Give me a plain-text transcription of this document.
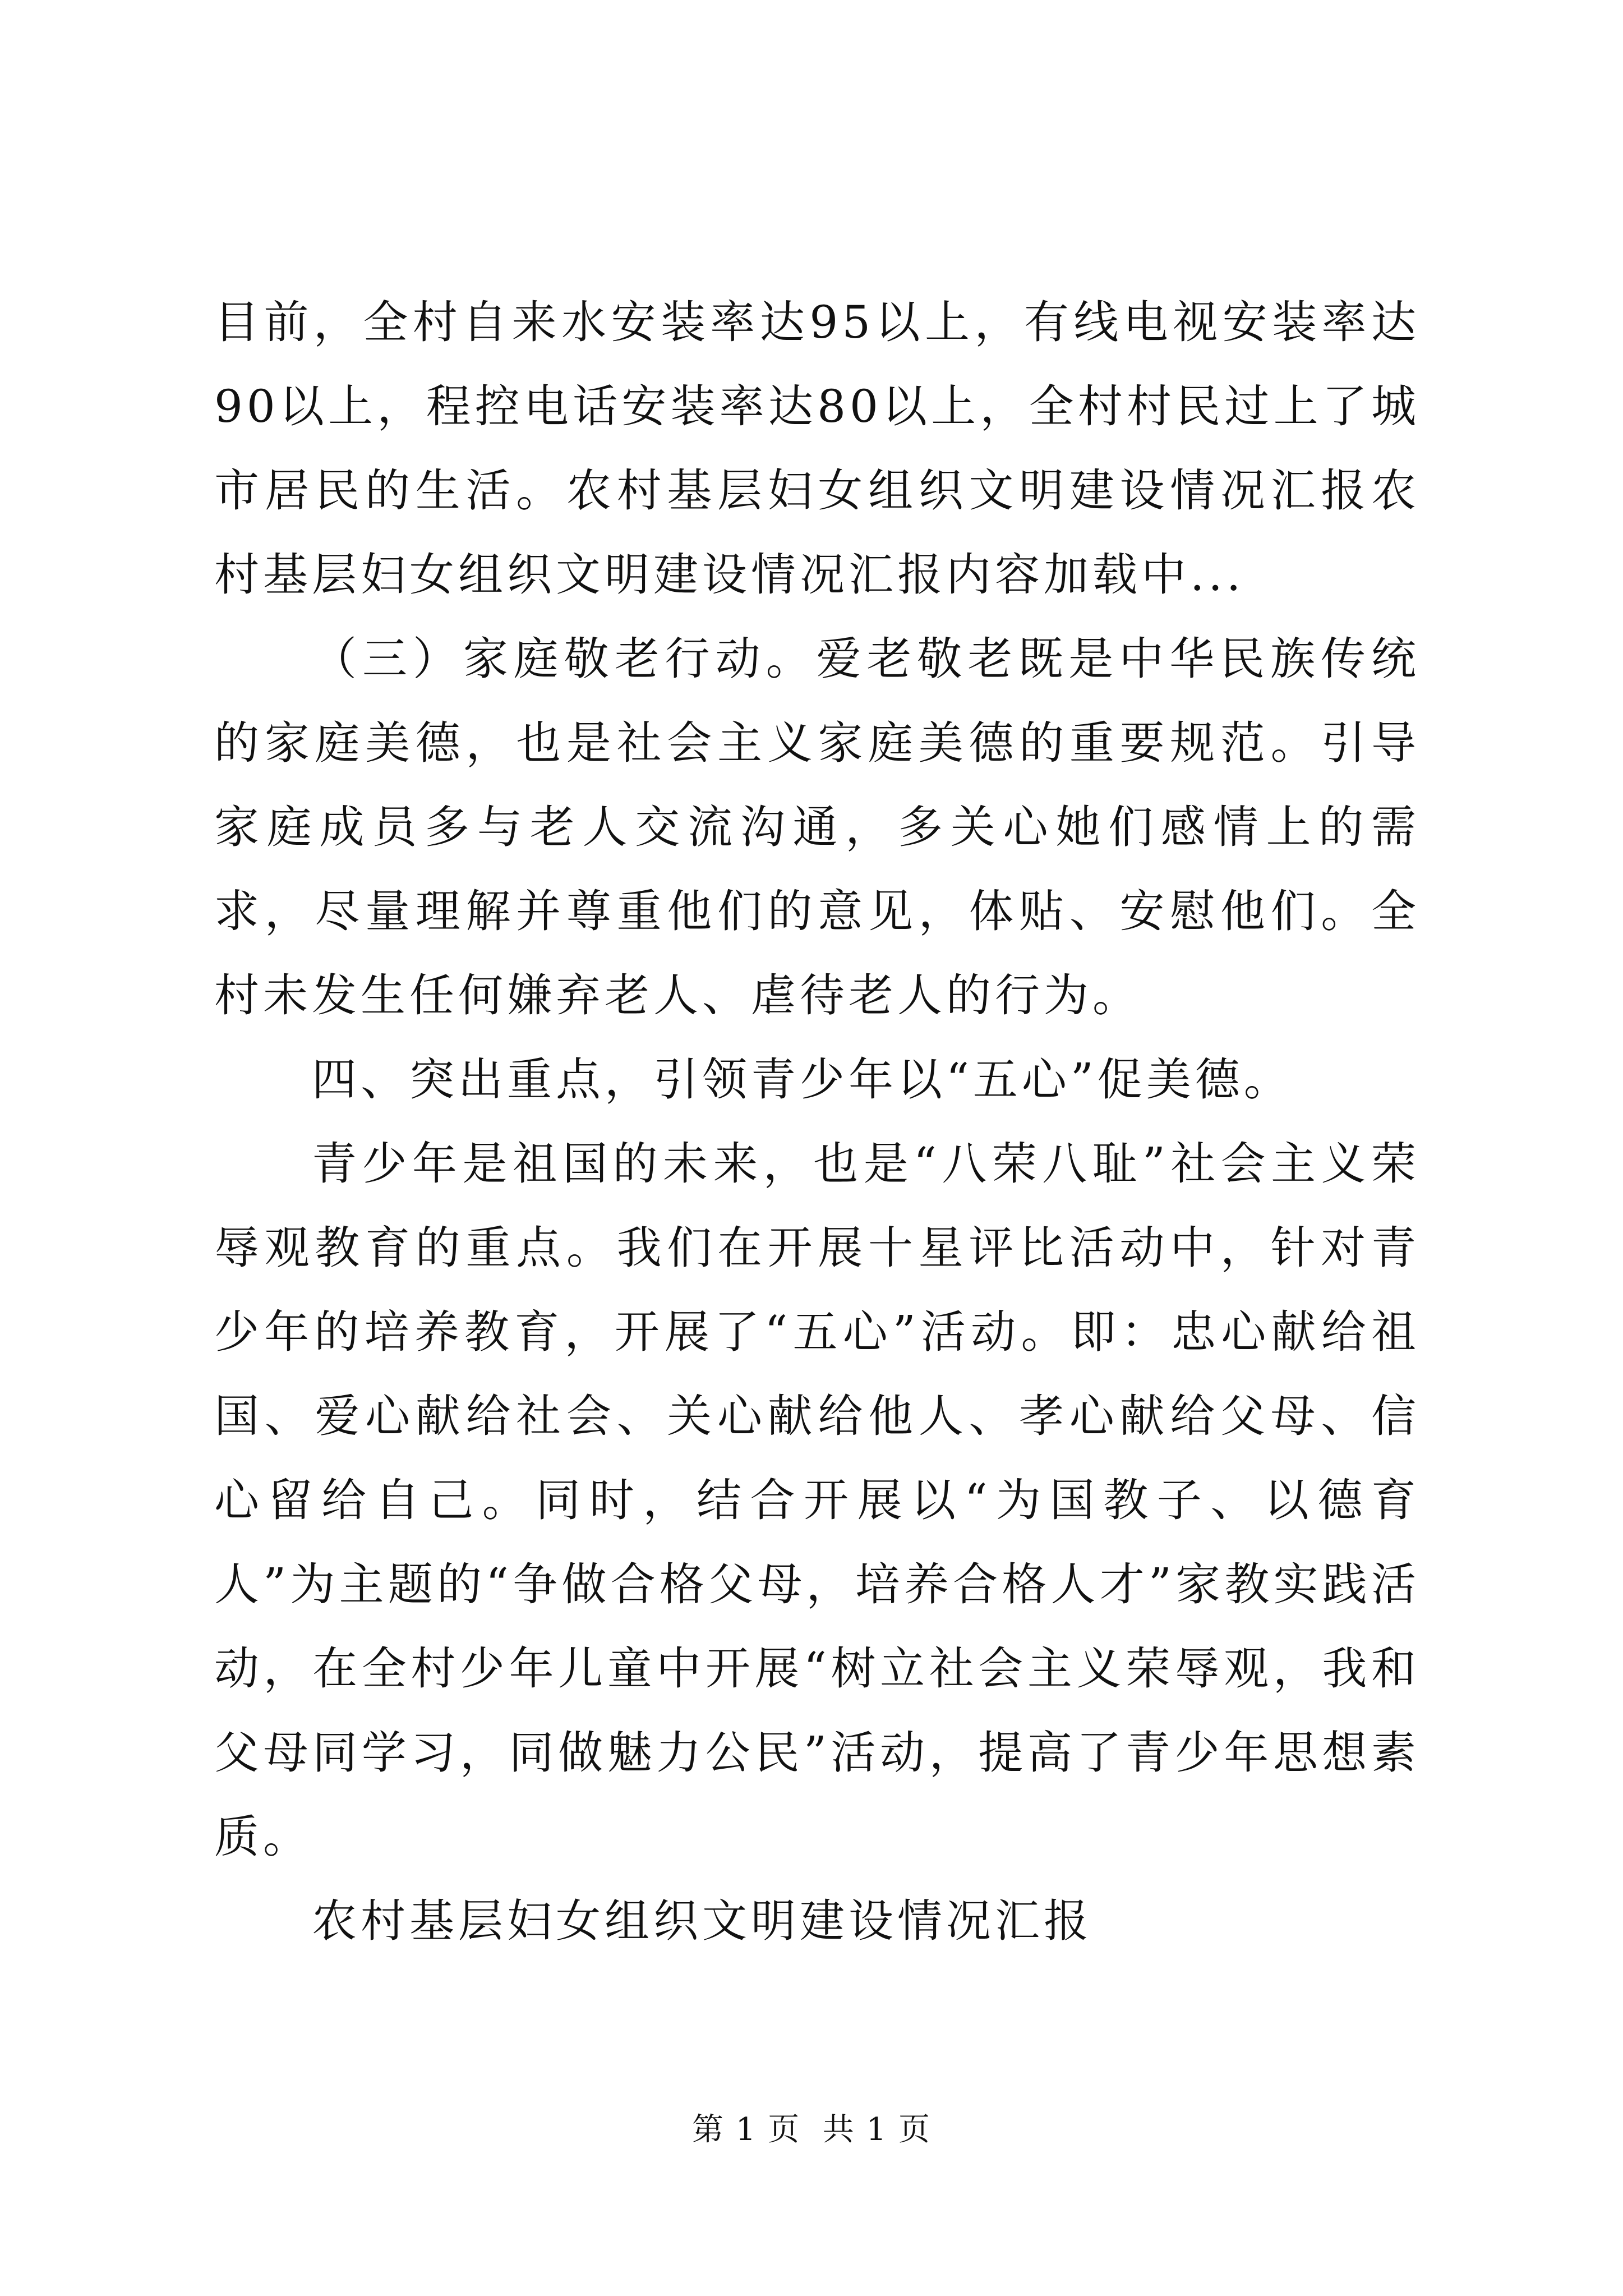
目前，全村自来水安装率达95以上，有线电视安装率达90以上，程控电话安装率达80以上，全村村民过上了城市居民的生活。农村基层妇女组织文明建设情况汇报农村基层妇女组织文明建设情况汇报内容加载中...

（三）家庭敬老行动。爱老敬老既是中华民族传统的家庭美德，也是社会主义家庭美德的重要规范。引导家庭成员多与老人交流沟通，多关心她们感情上的需求，尽量理解并尊重他们的意见，体贴、安慰他们。全村未发生任何嫌弃老人、虐待老人的行为。

四、突出重点，引领青少年以“五心”促美德。

青少年是祖国的未来，也是“八荣八耻”社会主义荣辱观教育的重点。我们在开展十星评比活动中，针对青少年的培养教育，开展了“五心”活动。即：忠心献给祖国、爱心献给社会、关心献给他人、孝心献给父母、信心留给自己。同时，结合开展以“为国教子、以德育人”为主题的“争做合格父母，培养合格人才”家教实践活动，在全村少年儿童中开展“树立社会主义荣辱观，我和父母同学习，同做魅力公民”活动，提高了青少年思想素质。

农村基层妇女组织文明建设情况汇报

第 1 页  共 1 页
